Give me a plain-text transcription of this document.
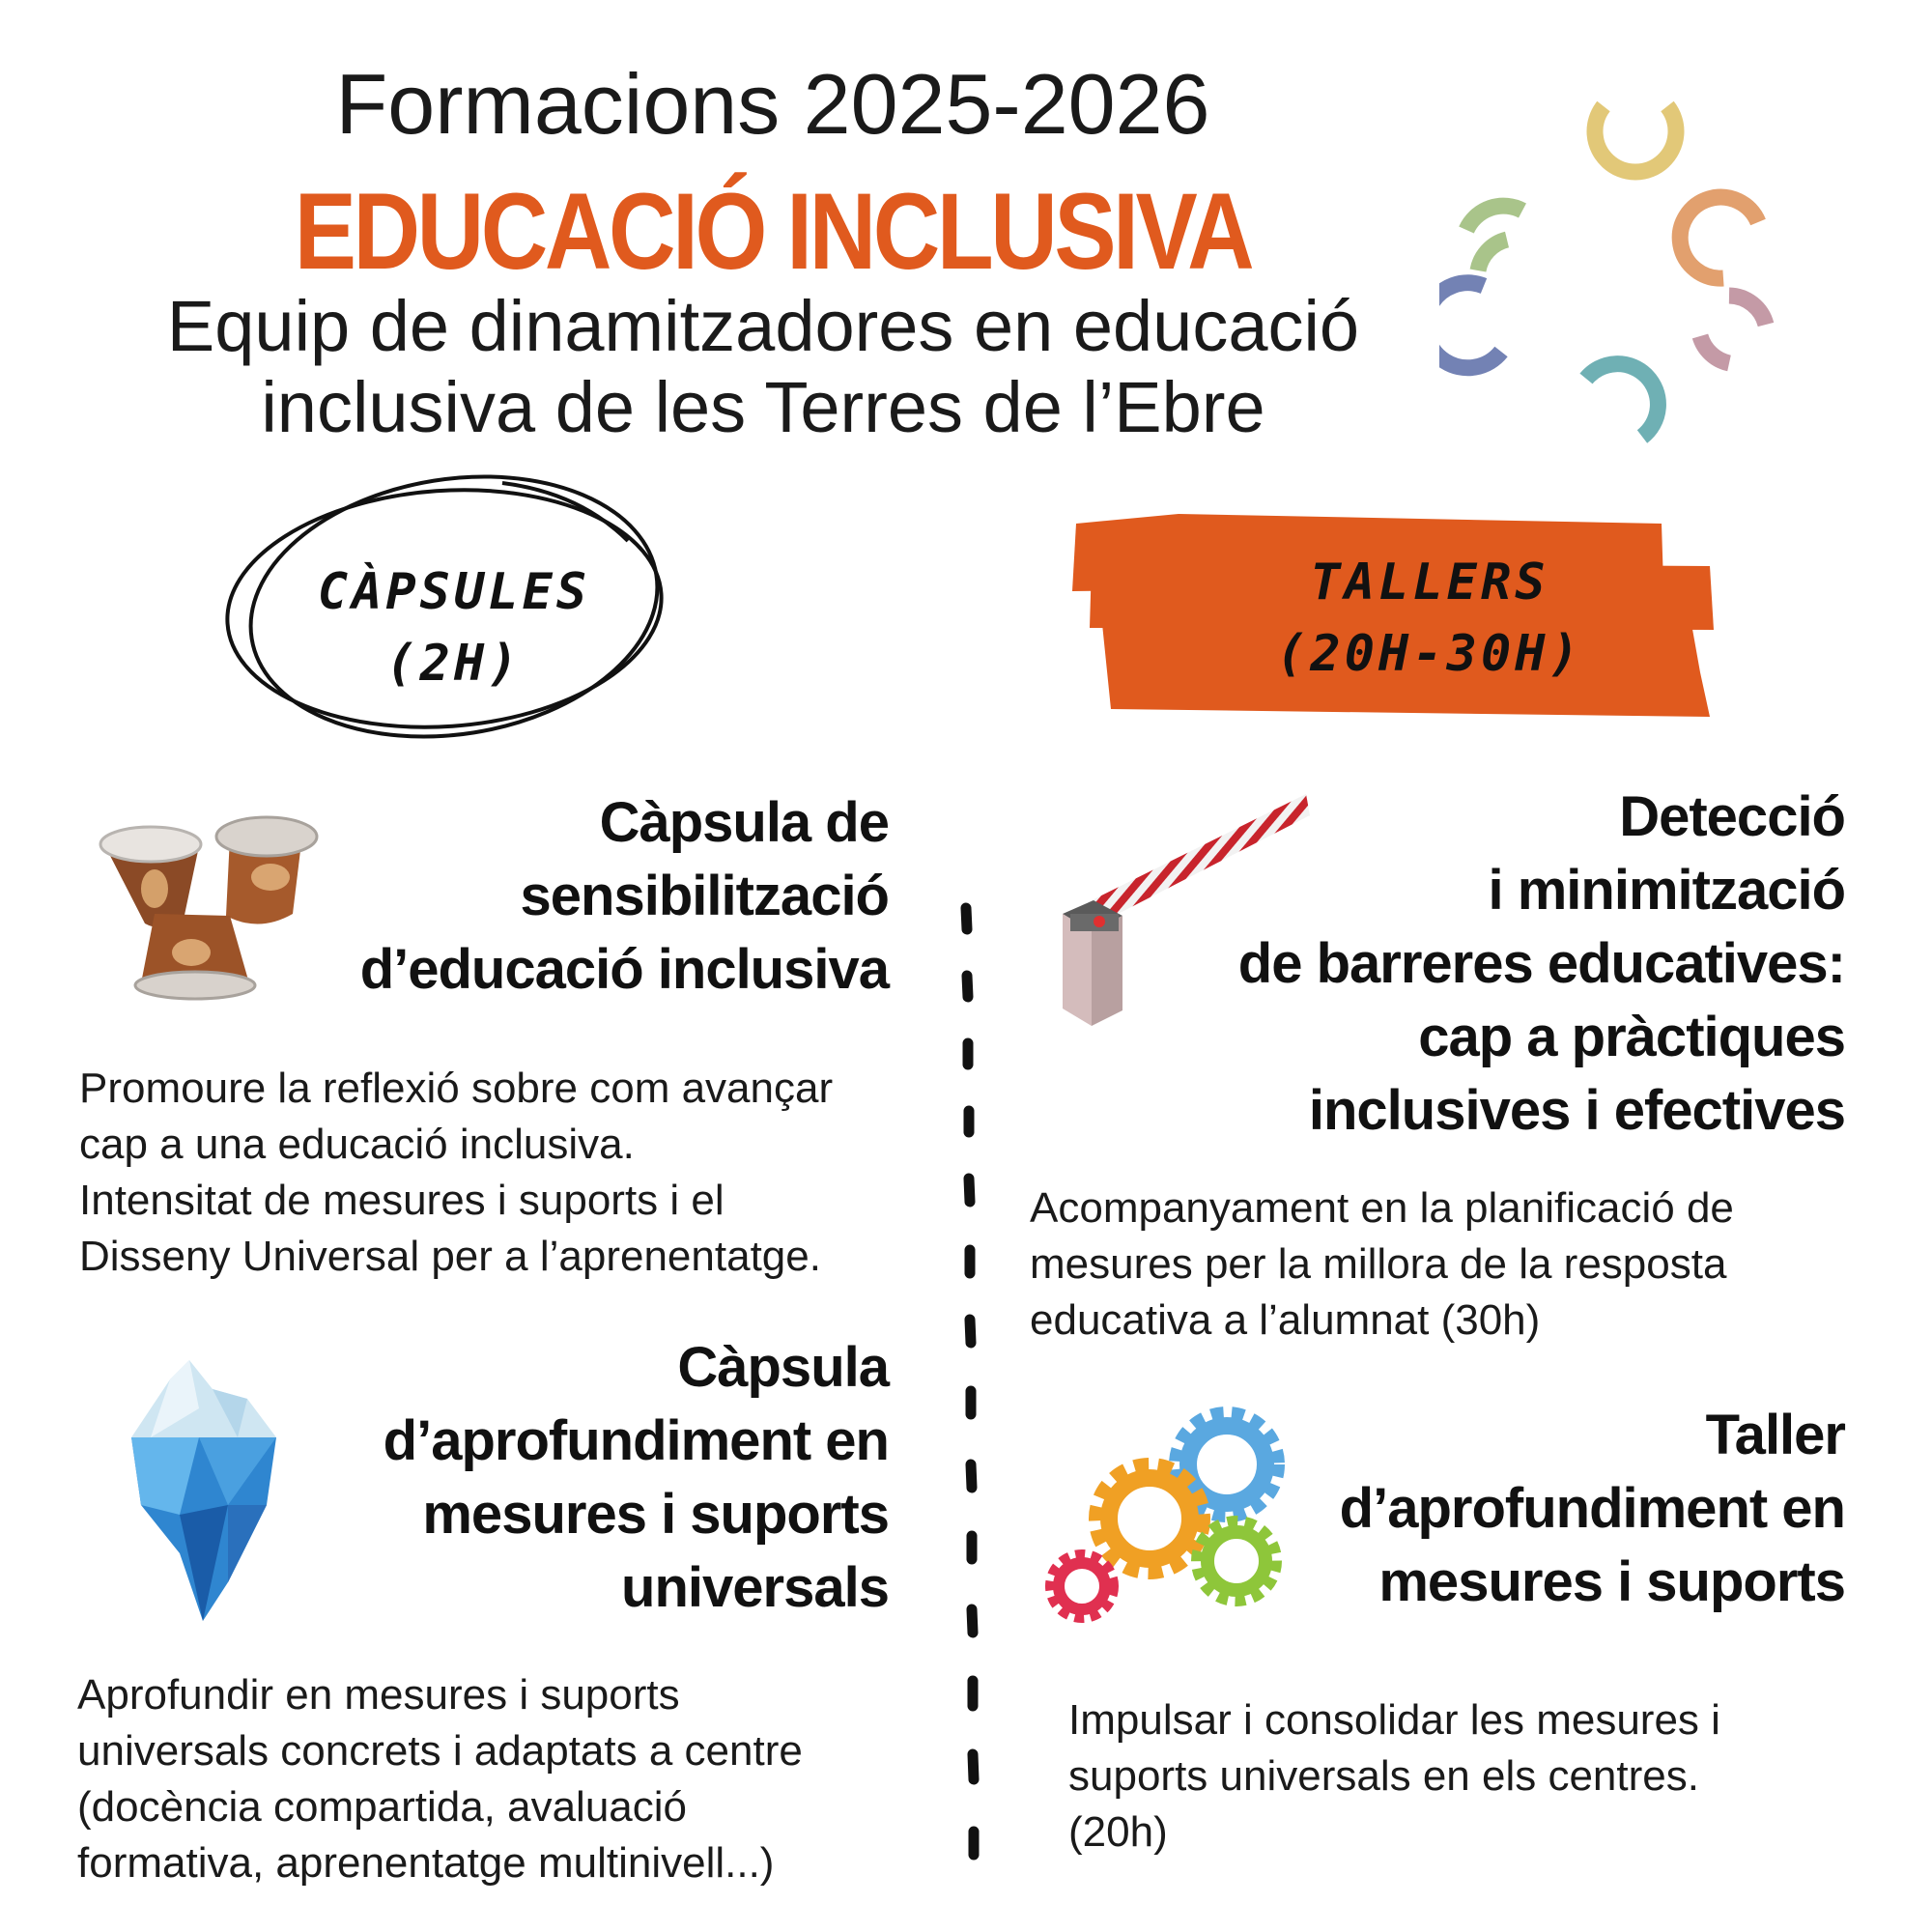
Formacions 2025-2026
EDUCACIÓ INCLUSIVA
Equip de dinamitzadores en educació
inclusiva de les Terres de l’Ebre
CÀPSULES
(2H)
TALLERS
(20H-30H)
Càpsula de
sensibilització
d’educació inclusiva
Promoure la reflexió sobre com avançar
cap a una educació inclusiva.
Intensitat de mesures i suports i el
Disseny Universal per a l’aprenentatge.
Càpsula
d’aprofundiment en
mesures i suports
universals
Aprofundir en mesures i suports
universals concrets i adaptats a centre
(docència compartida, avaluació
formativa, aprenentatge multinivell...)
Detecció
i minimització
de barreres educatives:
cap a pràctiques
inclusives i efectives
Acompanyament en la planificació de
mesures per la millora de la resposta
educativa a l’alumnat (30h)
Taller
d’aprofundiment en
mesures i suports
Impulsar i consolidar les mesures i
suports universals en els centres.
(20h)
